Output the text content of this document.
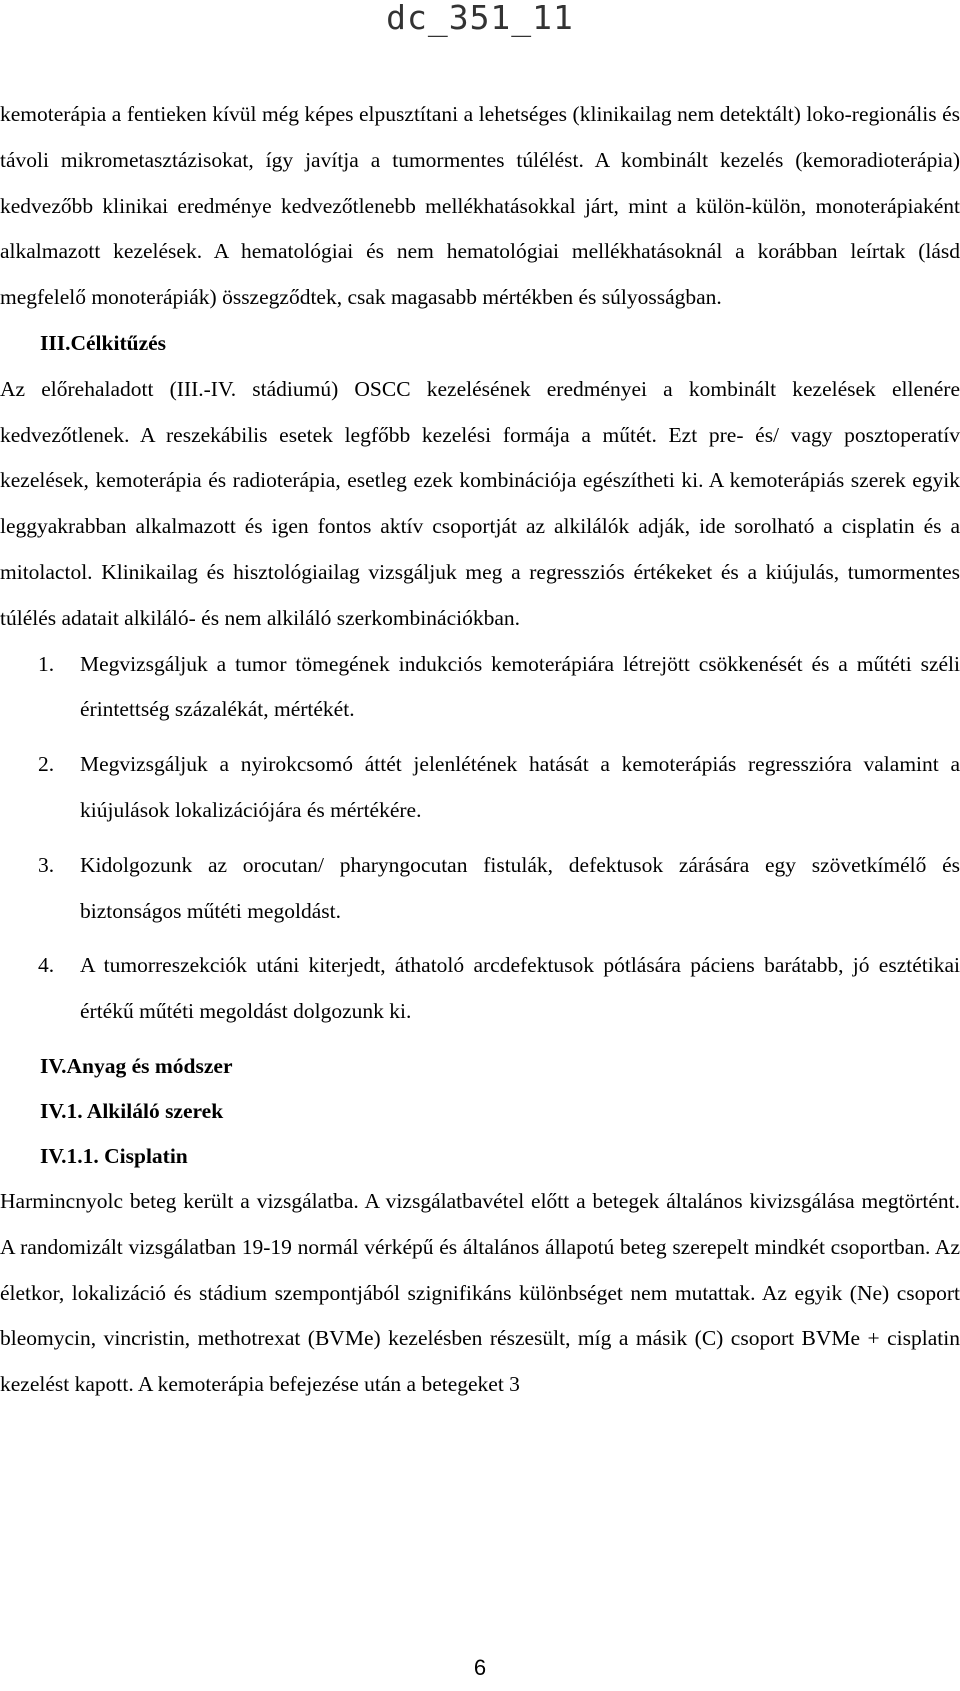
dc_351_11

kemoterápia a fentieken kívül még képes elpusztítani a lehetséges (klinikailag nem detektált) loko-regionális és távoli mikrometasztázisokat, így javítja a tumormentes túlélést. A kombinált kezelés (kemoradioterápia) kedvezőbb klinikai eredménye kedvezőtlenebb mellékhatásokkal járt, mint a külön-külön, monoterápiaként alkalmazott kezelések. A hematológiai és nem hematológiai mellékhatásoknál a korábban leírtak (lásd megfelelő monoterápiák) összegződtek, csak magasabb mértékben és súlyosságban.

III.Célkitűzés

Az előrehaladott (III.-IV. stádiumú) OSCC kezelésének eredményei a kombinált kezelések ellenére kedvezőtlenek. A reszekábilis esetek legfőbb kezelési formája a műtét. Ezt pre- és/ vagy posztoperatív kezelések, kemoterápia és radioterápia, esetleg ezek kombinációja egészítheti ki. A kemoterápiás szerek egyik leggyakrabban alkalmazott és igen fontos aktív csoportját az alkilálók adják, ide sorolható a cisplatin és a mitolactol. Klinikailag és hisztológiailag vizsgáljuk meg a regressziós értékeket és a kiújulás, tumormentes túlélés adatait alkiláló- és nem alkiláló szerkombinációkban.

1.	Megvizsgáljuk a tumor tömegének indukciós kemoterápiára létrejött csökkenését és a műtéti széli érintettség százalékát, mértékét.
2.	Megvizsgáljuk a nyirokcsomó áttét jelenlétének hatását a kemoterápiás regresszióra valamint a kiújulások lokalizációjára és mértékére.
3.	Kidolgozunk az orocutan/ pharyngocutan fistulák, defektusok zárására egy szövetkímélő és biztonságos műtéti megoldást.
4.	A tumorreszekciók utáni kiterjedt, áthatoló arcdefektusok pótlására páciens barátabb, jó esztétikai értékű műtéti megoldást dolgozunk ki.

IV.Anyag és módszer

IV.1. Alkiláló szerek

IV.1.1. Cisplatin

Harmincnyolc beteg került a vizsgálatba. A vizsgálatbavétel előtt a betegek általános kivizsgálása megtörtént. A randomizált vizsgálatban 19-19 normál vérképű és általános állapotú beteg szerepelt mindkét csoportban. Az életkor, lokalizáció és stádium szempontjából szignifikáns különbséget nem mutattak. Az egyik (Ne) csoport bleomycin, vincristin, methotrexat (BVMe) kezelésben részesült, míg a másik (C) csoport BVMe + cisplatin kezelést kapott. A kemoterápia befejezése után a betegeket 3

6
